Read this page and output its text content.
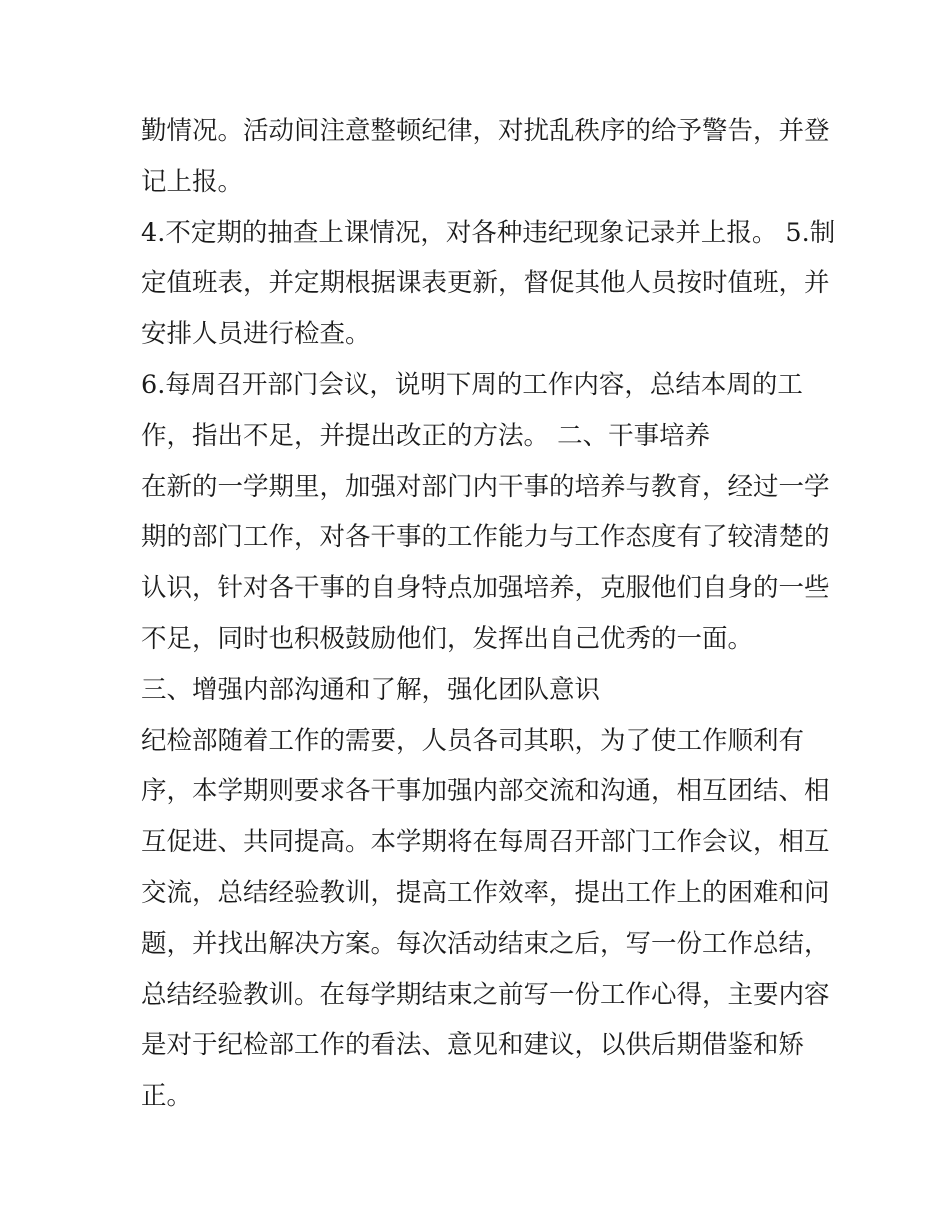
勤情况。活动间注意整顿纪律，对扰乱秩序的给予警告，并登
记上报。
4.不定期的抽查上课情况，对各种违纪现象记录并上报。 5.制
定值班表，并定期根据课表更新，督促其他人员按时值班，并
安排人员进行检查。
6.每周召开部门会议，说明下周的工作内容，总结本周的工
作，指出不足，并提出改正的方法。 二、干事培养
在新的一学期里，加强对部门内干事的培养与教育，经过一学
期的部门工作，对各干事的工作能力与工作态度有了较清楚的
认识，针对各干事的自身特点加强培养，克服他们自身的一些
不足，同时也积极鼓励他们，发挥出自己优秀的一面。
三、增强内部沟通和了解，强化团队意识
纪检部随着工作的需要，人员各司其职，为了使工作顺利有
序，本学期则要求各干事加强内部交流和沟通，相互团结、相
互促进、共同提高。本学期将在每周召开部门工作会议，相互
交流，总结经验教训，提高工作效率，提出工作上的困难和问
题，并找出解决方案。每次活动结束之后，写一份工作总结，
总结经验教训。在每学期结束之前写一份工作心得，主要内容
是对于纪检部工作的看法、意见和建议，以供后期借鉴和矫
正。
